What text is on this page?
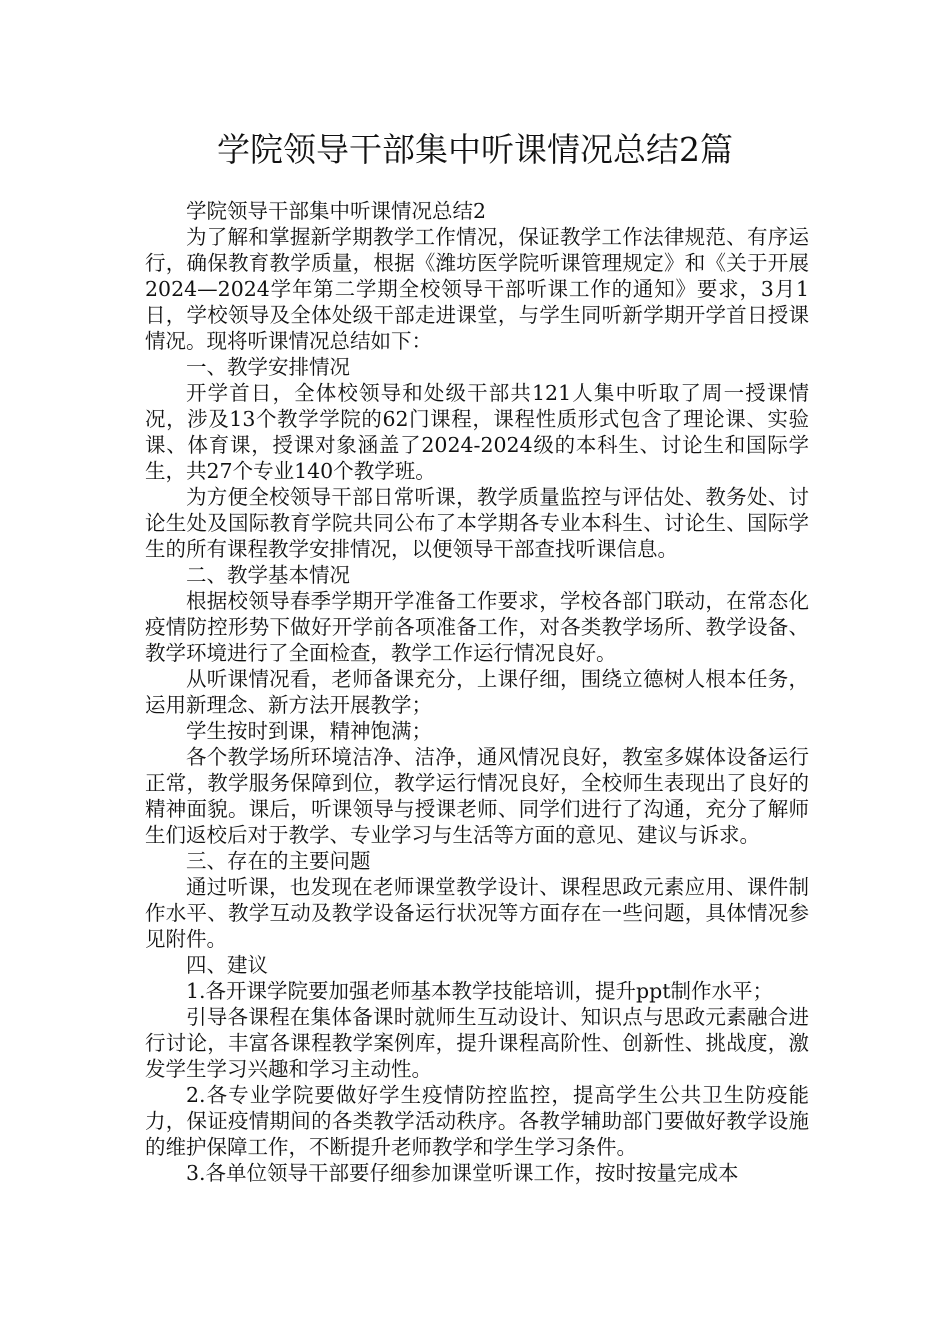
学院领导干部集中听课情况总结2篇

学院领导干部集中听课情况总结2

为了解和掌握新学期教学工作情况，保证教学工作法律规范、有序运行，确保教育教学质量，根据《潍坊医学院听课管理规定》和《关于开展2024—2024学年第二学期全校领导干部听课工作的通知》要求，3月1日，学校领导及全体处级干部走进课堂，与学生同听新学期开学首日授课情况。现将听课情况总结如下：

一、教学安排情况

开学首日，全体校领导和处级干部共121人集中听取了周一授课情况，涉及13个教学学院的62门课程，课程性质形式包含了理论课、实验课、体育课，授课对象涵盖了2024-2024级的本科生、讨论生和国际学生，共27个专业140个教学班。

为方便全校领导干部日常听课，教学质量监控与评估处、教务处、讨论生处及国际教育学院共同公布了本学期各专业本科生、讨论生、国际学生的所有课程教学安排情况，以便领导干部查找听课信息。

二、教学基本情况

根据校领导春季学期开学准备工作要求，学校各部门联动，在常态化疫情防控形势下做好开学前各项准备工作，对各类教学场所、教学设备、教学环境进行了全面检查，教学工作运行情况良好。

从听课情况看，老师备课充分，上课仔细，围绕立德树人根本任务，运用新理念、新方法开展教学；

学生按时到课，精神饱满；

各个教学场所环境洁净、洁净，通风情况良好，教室多媒体设备运行正常，教学服务保障到位，教学运行情况良好，全校师生表现出了良好的精神面貌。课后，听课领导与授课老师、同学们进行了沟通，充分了解师生们返校后对于教学、专业学习与生活等方面的意见、建议与诉求。

三、存在的主要问题

通过听课，也发现在老师课堂教学设计、课程思政元素应用、课件制作水平、教学互动及教学设备运行状况等方面存在一些问题，具体情况参见附件。

四、建议

1.各开课学院要加强老师基本教学技能培训，提升ppt制作水平；

引导各课程在集体备课时就师生互动设计、知识点与思政元素融合进行讨论，丰富各课程教学案例库，提升课程高阶性、创新性、挑战度，激发学生学习兴趣和学习主动性。

2.各专业学院要做好学生疫情防控监控，提高学生公共卫生防疫能力，保证疫情期间的各类教学活动秩序。各教学辅助部门要做好教学设施的维护保障工作，不断提升老师教学和学生学习条件。

3.各单位领导干部要仔细参加课堂听课工作，按时按量完成本
